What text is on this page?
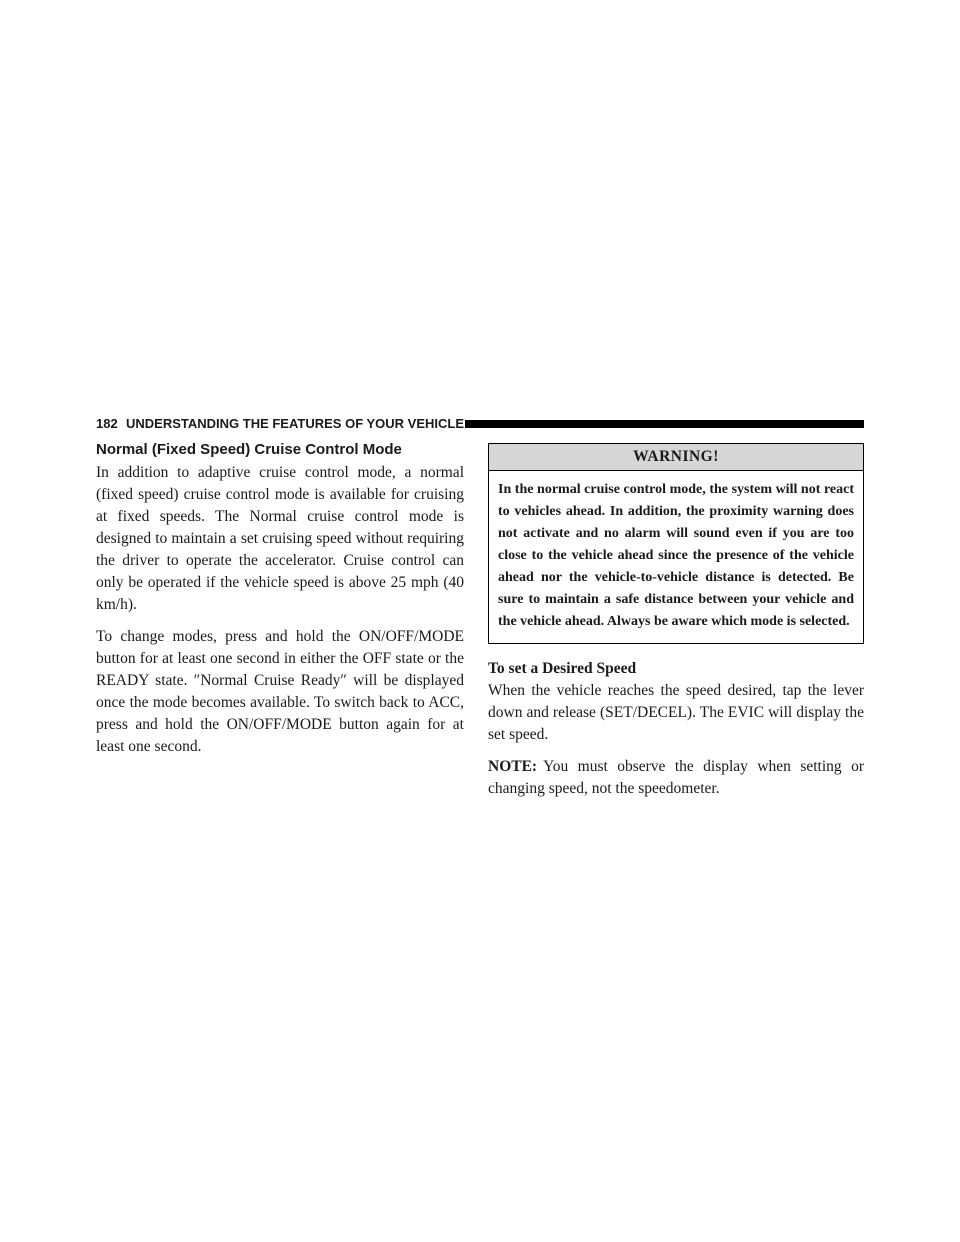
182 UNDERSTANDING THE FEATURES OF YOUR VEHICLE
Normal (Fixed Speed) Cruise Control Mode

In addition to adaptive cruise control mode, a normal (fixed speed) cruise control mode is available for cruising at fixed speeds. The Normal cruise control mode is designed to maintain a set cruising speed without requiring the driver to operate the accelerator. Cruise control can only be operated if the vehicle speed is above 25 mph (40 km/h).

To change modes, press and hold the ON/OFF/MODE button for at least one second in either the OFF state or the READY state. ″Normal Cruise Ready″ will be displayed once the mode becomes available. To switch back to ACC, press and hold the ON/OFF/MODE button again for at least one second.

WARNING!
In the normal cruise control mode, the system will not react to vehicles ahead. In addition, the proximity warning does not activate and no alarm will sound even if you are too close to the vehicle ahead since the presence of the vehicle ahead nor the vehicle-to-vehicle distance is detected. Be sure to maintain a safe distance between your vehicle and the vehicle ahead. Always be aware which mode is selected.
To set a Desired Speed

When the vehicle reaches the speed desired, tap the lever down and release (SET/DECEL). The EVIC will display the set speed.

NOTE: You must observe the display when setting or changing speed, not the speedometer.
